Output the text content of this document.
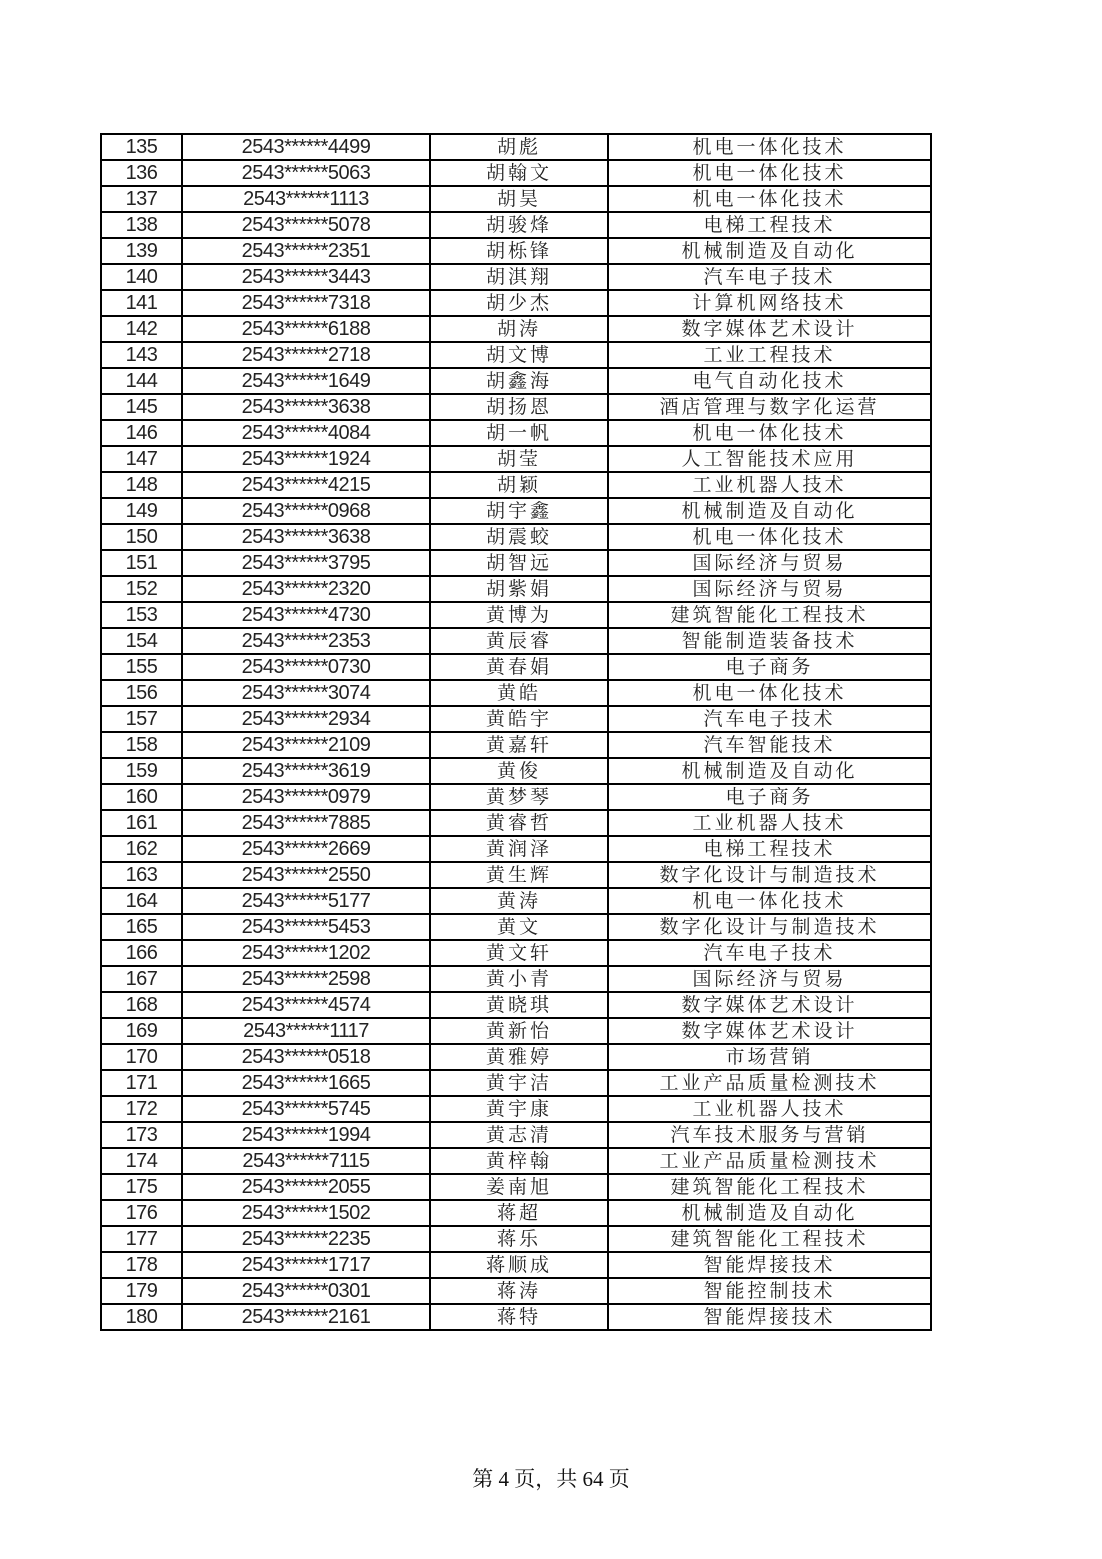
135	2543******4499	胡彪	机电一体化技术
136	2543******5063	胡翰文	机电一体化技术
137	2543******1113	胡昊	机电一体化技术
138	2543******5078	胡骏烽	电梯工程技术
139	2543******2351	胡栎锋	机械制造及自动化
140	2543******3443	胡淇翔	汽车电子技术
141	2543******7318	胡少杰	计算机网络技术
142	2543******6188	胡涛	数字媒体艺术设计
143	2543******2718	胡文博	工业工程技术
144	2543******1649	胡鑫海	电气自动化技术
145	2543******3638	胡扬恩	酒店管理与数字化运营
146	2543******4084	胡一帆	机电一体化技术
147	2543******1924	胡莹	人工智能技术应用
148	2543******4215	胡颖	工业机器人技术
149	2543******0968	胡宇鑫	机械制造及自动化
150	2543******3638	胡震蛟	机电一体化技术
151	2543******3795	胡智远	国际经济与贸易
152	2543******2320	胡紫娟	国际经济与贸易
153	2543******4730	黄博为	建筑智能化工程技术
154	2543******2353	黄辰睿	智能制造装备技术
155	2543******0730	黄春娟	电子商务
156	2543******3074	黄皓	机电一体化技术
157	2543******2934	黄皓宇	汽车电子技术
158	2543******2109	黄嘉轩	汽车智能技术
159	2543******3619	黄俊	机械制造及自动化
160	2543******0979	黄梦琴	电子商务
161	2543******7885	黄睿哲	工业机器人技术
162	2543******2669	黄润泽	电梯工程技术
163	2543******2550	黄生辉	数字化设计与制造技术
164	2543******5177	黄涛	机电一体化技术
165	2543******5453	黄文	数字化设计与制造技术
166	2543******1202	黄文轩	汽车电子技术
167	2543******2598	黄小青	国际经济与贸易
168	2543******4574	黄晓琪	数字媒体艺术设计
169	2543******1117	黄新怡	数字媒体艺术设计
170	2543******0518	黄雅婷	市场营销
171	2543******1665	黄宇洁	工业产品质量检测技术
172	2543******5745	黄宇康	工业机器人技术
173	2543******1994	黄志清	汽车技术服务与营销
174	2543******7115	黄梓翰	工业产品质量检测技术
175	2543******2055	姜南旭	建筑智能化工程技术
176	2543******1502	蒋超	机械制造及自动化
177	2543******2235	蒋乐	建筑智能化工程技术
178	2543******1717	蒋顺成	智能焊接技术
179	2543******0301	蒋涛	智能控制技术
180	2543******2161	蒋特	智能焊接技术
第 4 页，共 64 页
